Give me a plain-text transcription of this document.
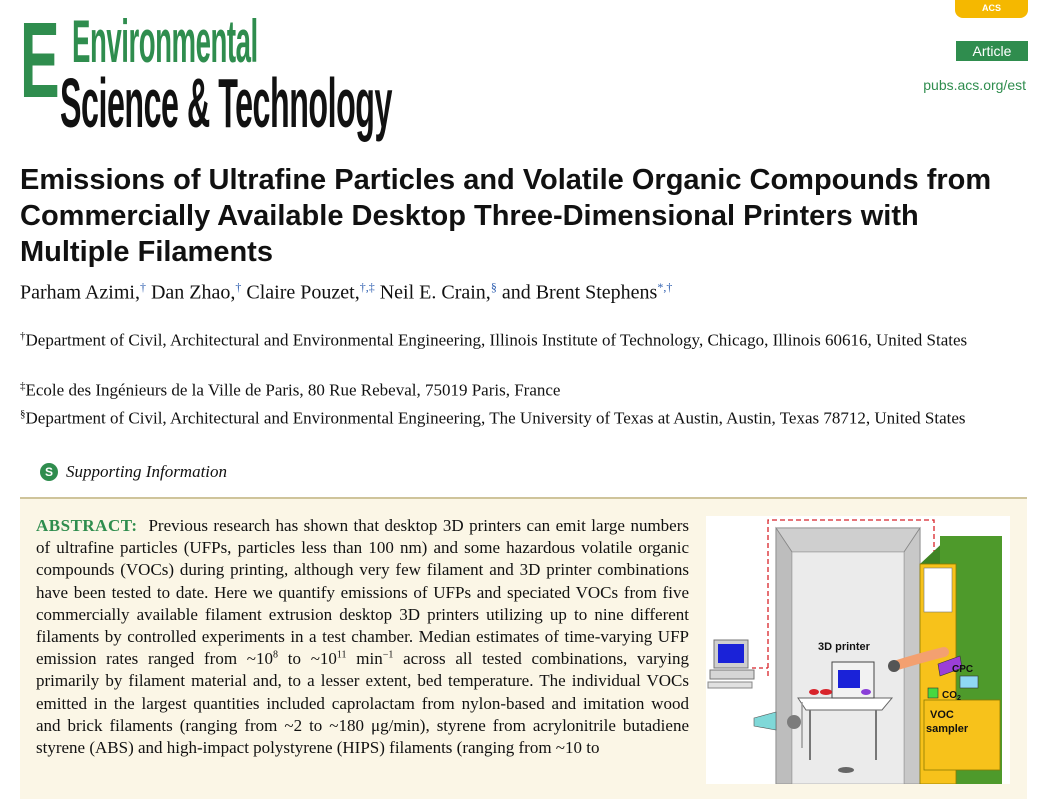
E Environmental
Science & Technology
ACS AuthorChoice
Article
pubs.acs.org/est
Emissions of Ultrafine Particles and Volatile Organic Compounds from Commercially Available Desktop Three-Dimensional Printers with Multiple Filaments
Parham Azimi,† Dan Zhao,† Claire Pouzet,†,‡ Neil E. Crain,§ and Brent Stephens*,†
†Department of Civil, Architectural and Environmental Engineering, Illinois Institute of Technology, Chicago, Illinois 60616, United States
‡Ecole des Ingénieurs de la Ville de Paris, 80 Rue Rebeval, 75019 Paris, France
§Department of Civil, Architectural and Environmental Engineering, The University of Texas at Austin, Austin, Texas 78712, United States
S Supporting Information

ABSTRACT: Previous research has shown that desktop 3D printers can emit large numbers of ultrafine particles (UFPs, particles less than 100 nm) and some hazardous volatile organic compounds (VOCs) during printing, although very few filament and 3D printer combinations have been tested to date. Here we quantify emissions of UFPs and speciated VOCs from five commercially available filament extrusion desktop 3D printers utilizing up to nine different filaments by controlled experiments in a test chamber. Median estimates of time-varying UFP emission rates ranged from $\sim 10^8$ to $\sim 10^{11}$ $\min^{-1}$ across all tested combinations, varying primarily by filament material and, to a lesser extent, bed temperature. The individual VOCs emitted in the largest quantities included caprolactam from nylon-based and imitation wood and brick filaments (ranging from ~2 to ~180 μg/min), styrene from acrylonitrile butadiene styrene (ABS) and high-impact polystyrene (HIPS) filaments (ranging from ~10 to

3D printer
CPC
$CO_2$
VOC
sampler
